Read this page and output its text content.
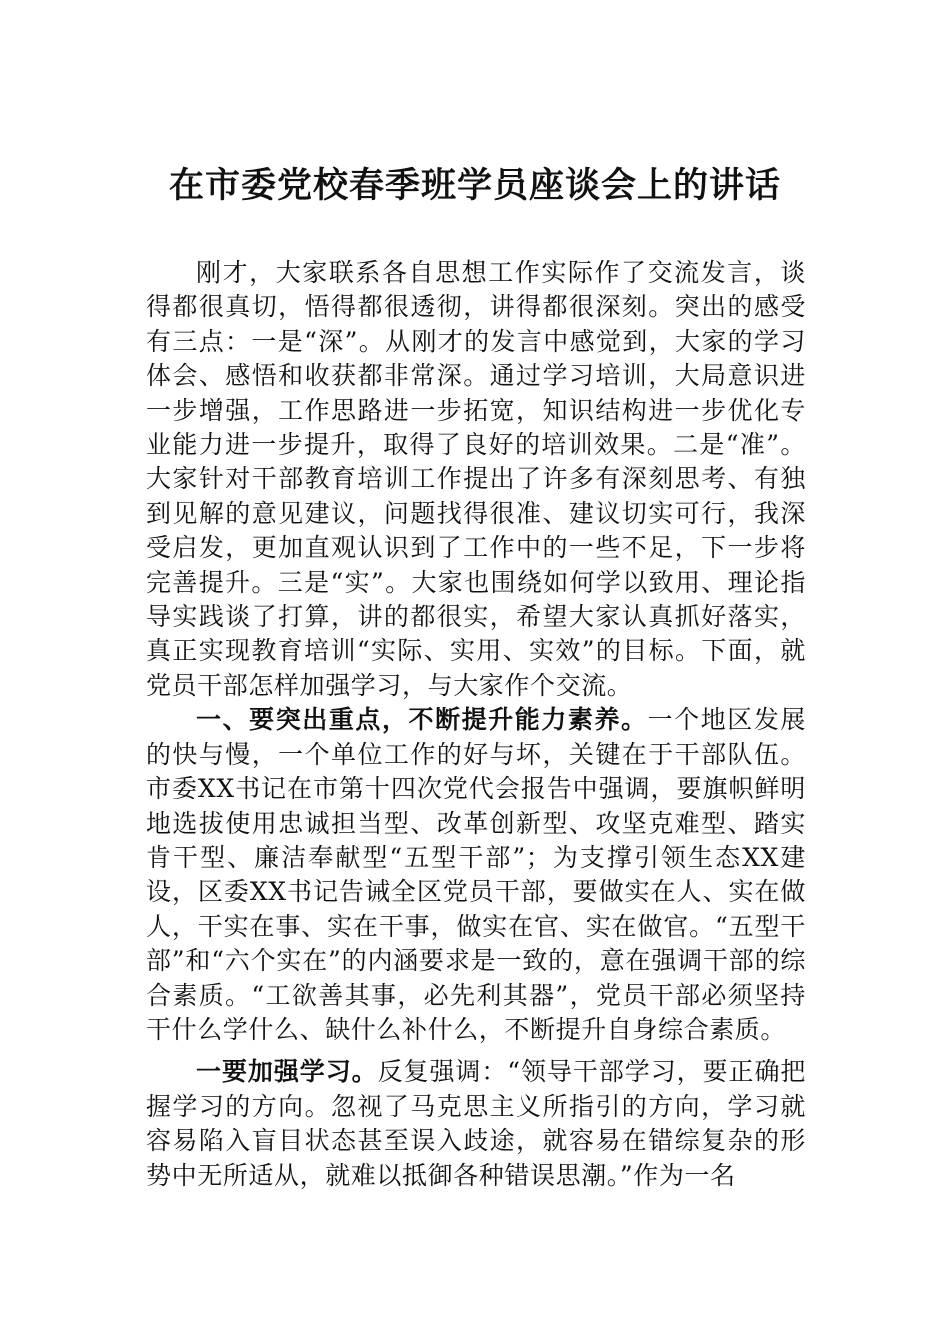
在市委党校春季班学员座谈会上的讲话

刚才，大家联系各自思想工作实际作了交流发言，谈得都很真切，悟得都很透彻，讲得都很深刻。突出的感受有三点：一是“深”。从刚才的发言中感觉到，大家的学习体会、感悟和收获都非常深。通过学习培训，大局意识进一步增强，工作思路进一步拓宽，知识结构进一步优化专业能力进一步提升，取得了良好的培训效果。二是“准”。大家针对干部教育培训工作提出了许多有深刻思考、有独到见解的意见建议，问题找得很准、建议切实可行，我深受启发，更加直观认识到了工作中的一些不足，下一步将完善提升。三是“实”。大家也围绕如何学以致用、理论指导实践谈了打算，讲的都很实，希望大家认真抓好落实，真正实现教育培训“实际、实用、实效”的目标。下面，就党员干部怎样加强学习，与大家作个交流。

一、要突出重点，不断提升能力素养。一个地区发展的快与慢，一个单位工作的好与坏，关键在于干部队伍。市委XX书记在市第十四次党代会报告中强调，要旗帜鲜明地选拔使用忠诚担当型、改革创新型、攻坚克难型、踏实肯干型、廉洁奉献型“五型干部”；为支撑引领生态XX建设，区委XX书记告诫全区党员干部，要做实在人、实在做人，干实在事、实在干事，做实在官、实在做官。“五型干部”和“六个实在”的内涵要求是一致的，意在强调干部的综合素质。“工欲善其事，必先利其器”，党员干部必须坚持干什么学什么、缺什么补什么，不断提升自身综合素质。

一要加强学习。反复强调：“领导干部学习，要正确把握学习的方向。忽视了马克思主义所指引的方向，学习就容易陷入盲目状态甚至误入歧途，就容易在错综复杂的形势中无所适从，就难以抵御各种错误思潮。”作为一名
